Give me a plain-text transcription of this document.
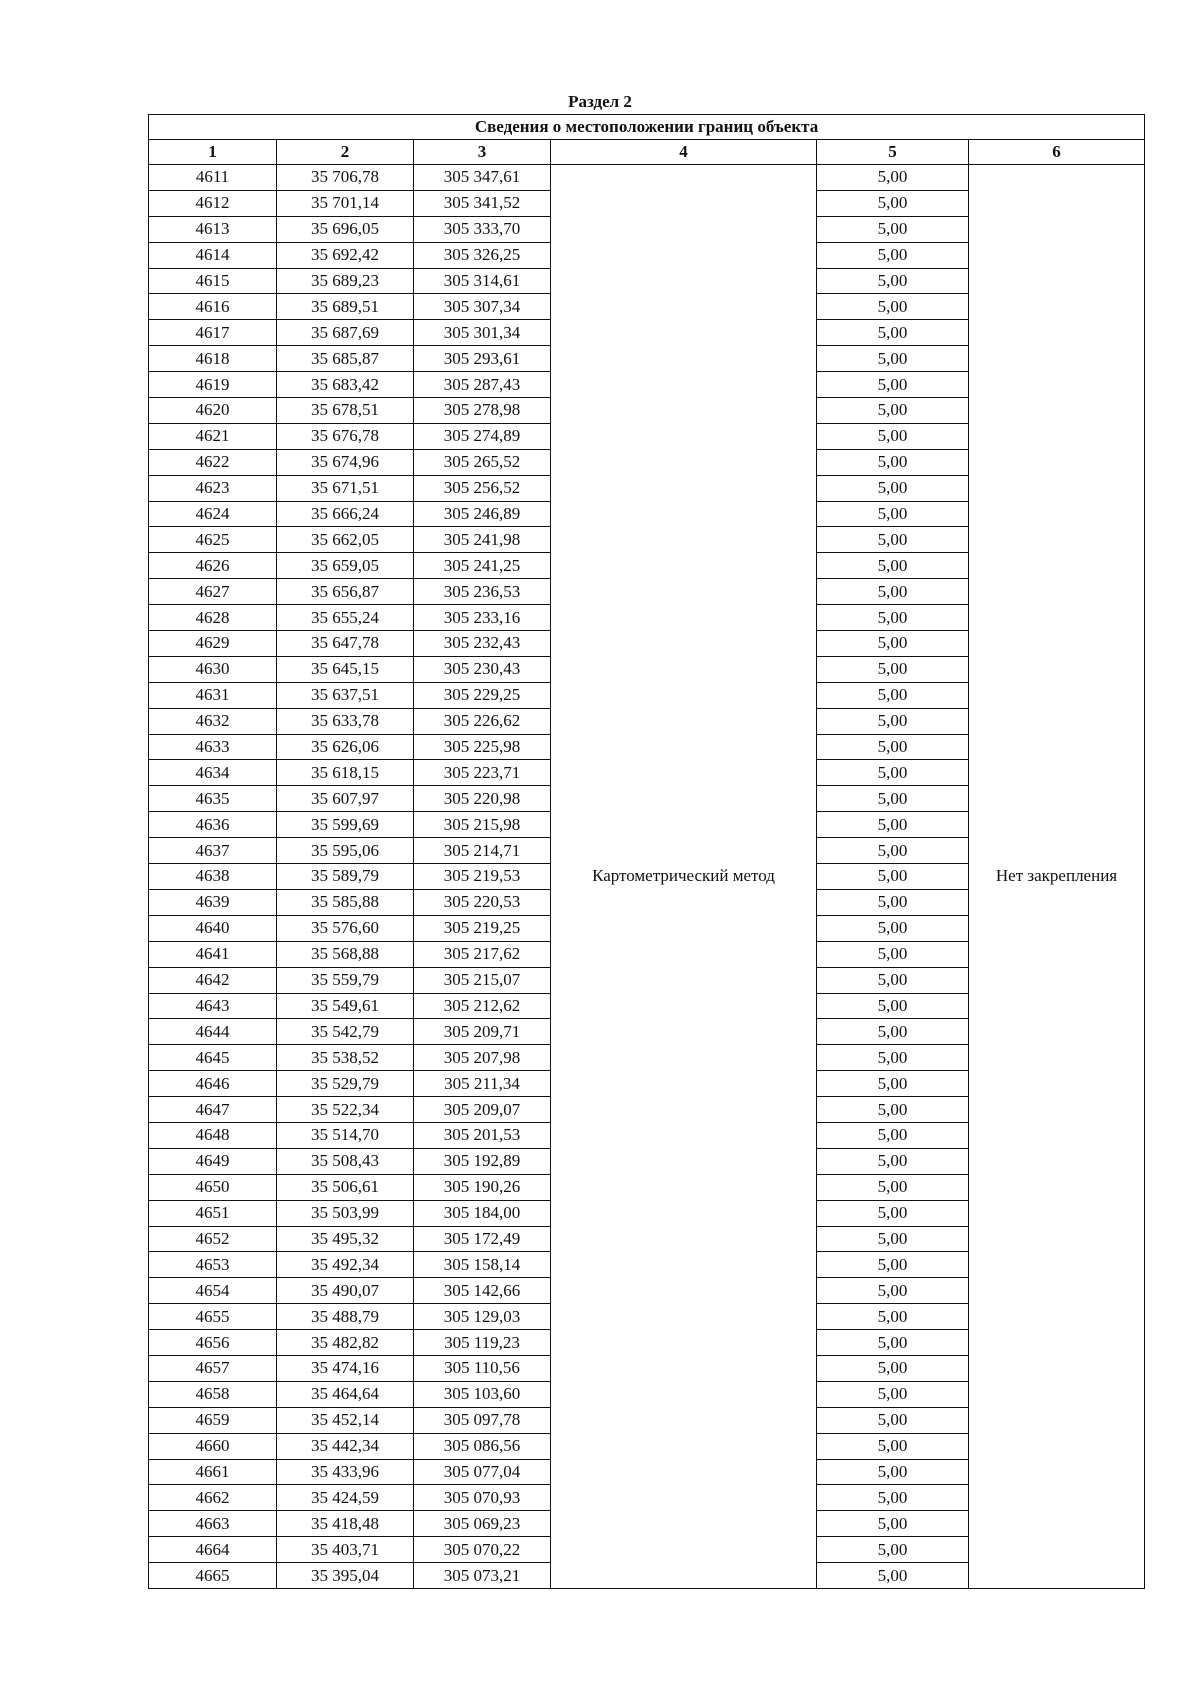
Раздел 2
Сведения о местоположении границ объекта					
1	2	3	4	5	6
4611	35 706,78	305 347,61	Картометрический метод	5,00	Нет закрепления
4612	35 701,14	305 341,52		5,00	
4613	35 696,05	305 333,70		5,00	
4614	35 692,42	305 326,25		5,00	
4615	35 689,23	305 314,61		5,00	
4616	35 689,51	305 307,34		5,00	
4617	35 687,69	305 301,34		5,00	
4618	35 685,87	305 293,61		5,00	
4619	35 683,42	305 287,43		5,00	
4620	35 678,51	305 278,98		5,00	
4621	35 676,78	305 274,89		5,00	
4622	35 674,96	305 265,52		5,00	
4623	35 671,51	305 256,52		5,00	
4624	35 666,24	305 246,89		5,00	
4625	35 662,05	305 241,98		5,00	
4626	35 659,05	305 241,25		5,00	
4627	35 656,87	305 236,53		5,00	
4628	35 655,24	305 233,16		5,00	
4629	35 647,78	305 232,43		5,00	
4630	35 645,15	305 230,43		5,00	
4631	35 637,51	305 229,25		5,00	
4632	35 633,78	305 226,62		5,00	
4633	35 626,06	305 225,98		5,00	
4634	35 618,15	305 223,71		5,00	
4635	35 607,97	305 220,98		5,00	
4636	35 599,69	305 215,98		5,00	
4637	35 595,06	305 214,71		5,00	
4638	35 589,79	305 219,53		5,00	
4639	35 585,88	305 220,53		5,00	
4640	35 576,60	305 219,25		5,00	
4641	35 568,88	305 217,62		5,00	
4642	35 559,79	305 215,07		5,00	
4643	35 549,61	305 212,62		5,00	
4644	35 542,79	305 209,71		5,00	
4645	35 538,52	305 207,98		5,00	
4646	35 529,79	305 211,34		5,00	
4647	35 522,34	305 209,07		5,00	
4648	35 514,70	305 201,53		5,00	
4649	35 508,43	305 192,89		5,00	
4650	35 506,61	305 190,26		5,00	
4651	35 503,99	305 184,00		5,00	
4652	35 495,32	305 172,49		5,00	
4653	35 492,34	305 158,14		5,00	
4654	35 490,07	305 142,66		5,00	
4655	35 488,79	305 129,03		5,00	
4656	35 482,82	305 119,23		5,00	
4657	35 474,16	305 110,56		5,00	
4658	35 464,64	305 103,60		5,00	
4659	35 452,14	305 097,78		5,00	
4660	35 442,34	305 086,56		5,00	
4661	35 433,96	305 077,04		5,00	
4662	35 424,59	305 070,93		5,00	
4663	35 418,48	305 069,23		5,00	
4664	35 403,71	305 070,22		5,00	
4665	35 395,04	305 073,21		5,00	
